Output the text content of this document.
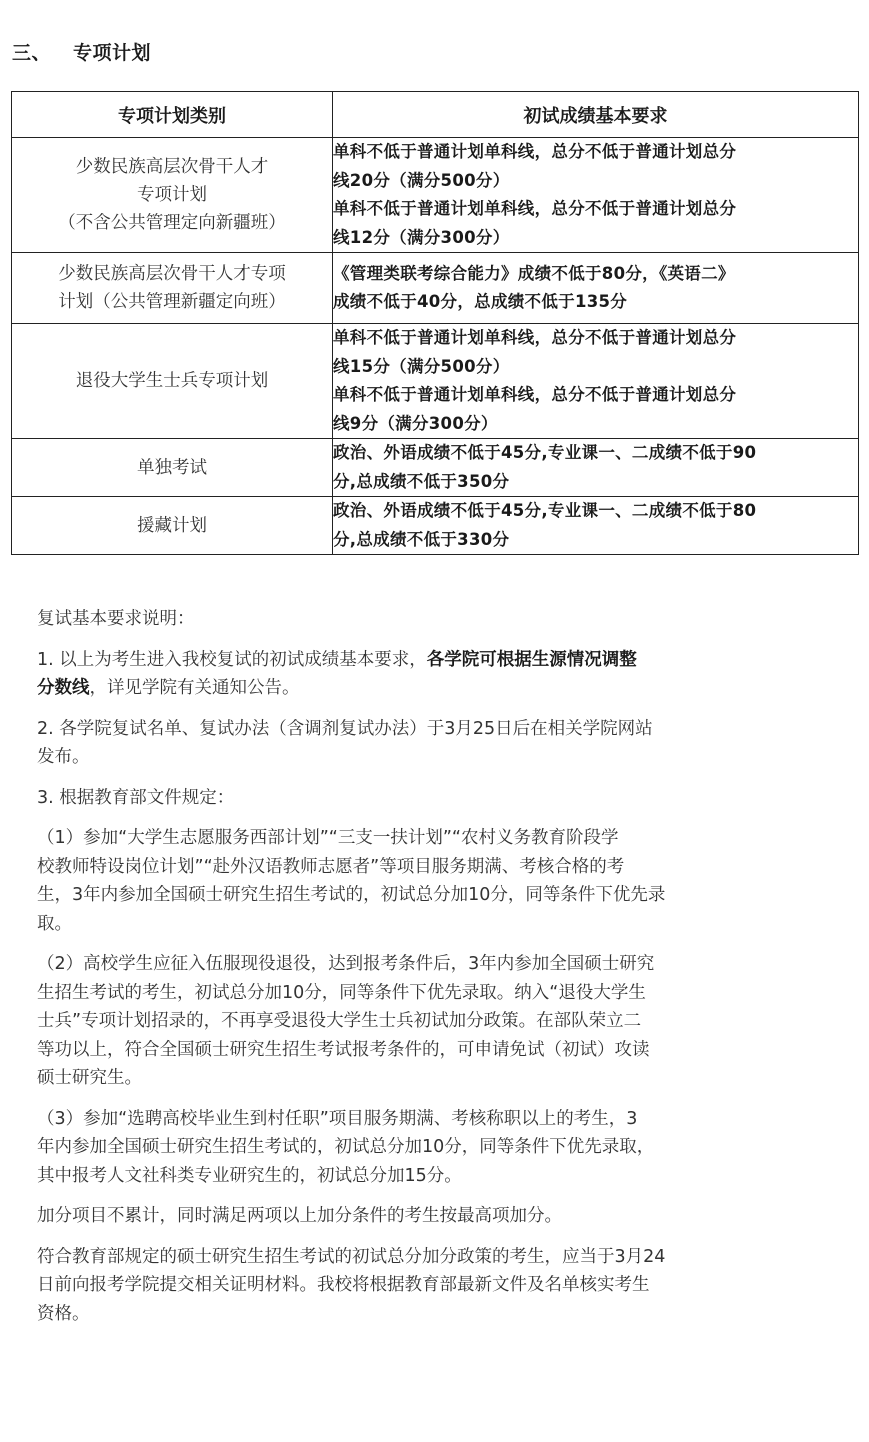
三、 专项计划
专项计划类别	初试成绩基本要求

少数民族高层次骨干人才
专项计划
（不含公共管理定向新疆班）	单科不低于普通计划单科线，总分不低于普通计划总分
线20分（满分500分）
单科不低于普通计划单科线，总分不低于普通计划总分
线12分（满分300分）

少数民族高层次骨干人才专项
计划（公共管理新疆定向班）	《管理类联考综合能力》成绩不低于80分，《英语二》
成绩不低于40分，总成绩不低于135分

退役大学生士兵专项计划	单科不低于普通计划单科线，总分不低于普通计划总分
线15分（满分500分）
单科不低于普通计划单科线，总分不低于普通计划总分
线9分（满分300分）

单独考试	政治、外语成绩不低于45分,专业课一、二成绩不低于90
分,总成绩不低于350分

援藏计划	政治、外语成绩不低于45分,专业课一、二成绩不低于80
分,总成绩不低于330分

复试基本要求说明：

1. 以上为考生进入我校复试的初试成绩基本要求，各学院可根据生源情况调整
分数线，详见学院有关通知公告。

2. 各学院复试名单、复试办法（含调剂复试办法）于3月25日后在相关学院网站
发布。

3. 根据教育部文件规定：

（1）参加“大学生志愿服务西部计划”“三支一扶计划”“农村义务教育阶段学
校教师特设岗位计划”“赴外汉语教师志愿者”等项目服务期满、考核合格的考
生，3年内参加全国硕士研究生招生考试的，初试总分加10分，同等条件下优先录
取。

（2）高校学生应征入伍服现役退役，达到报考条件后，3年内参加全国硕士研究
生招生考试的考生，初试总分加10分，同等条件下优先录取。纳入“退役大学生
士兵”专项计划招录的，不再享受退役大学生士兵初试加分政策。在部队荣立二
等功以上，符合全国硕士研究生招生考试报考条件的，可申请免试（初试）攻读
硕士研究生。

（3）参加“选聘高校毕业生到村任职”项目服务期满、考核称职以上的考生，3
年内参加全国硕士研究生招生考试的，初试总分加10分，同等条件下优先录取，
其中报考人文社科类专业研究生的，初试总分加15分。

加分项目不累计，同时满足两项以上加分条件的考生按最高项加分。

符合教育部规定的硕士研究生招生考试的初试总分加分政策的考生，应当于3月24
日前向报考学院提交相关证明材料。我校将根据教育部最新文件及名单核实考生
资格。
